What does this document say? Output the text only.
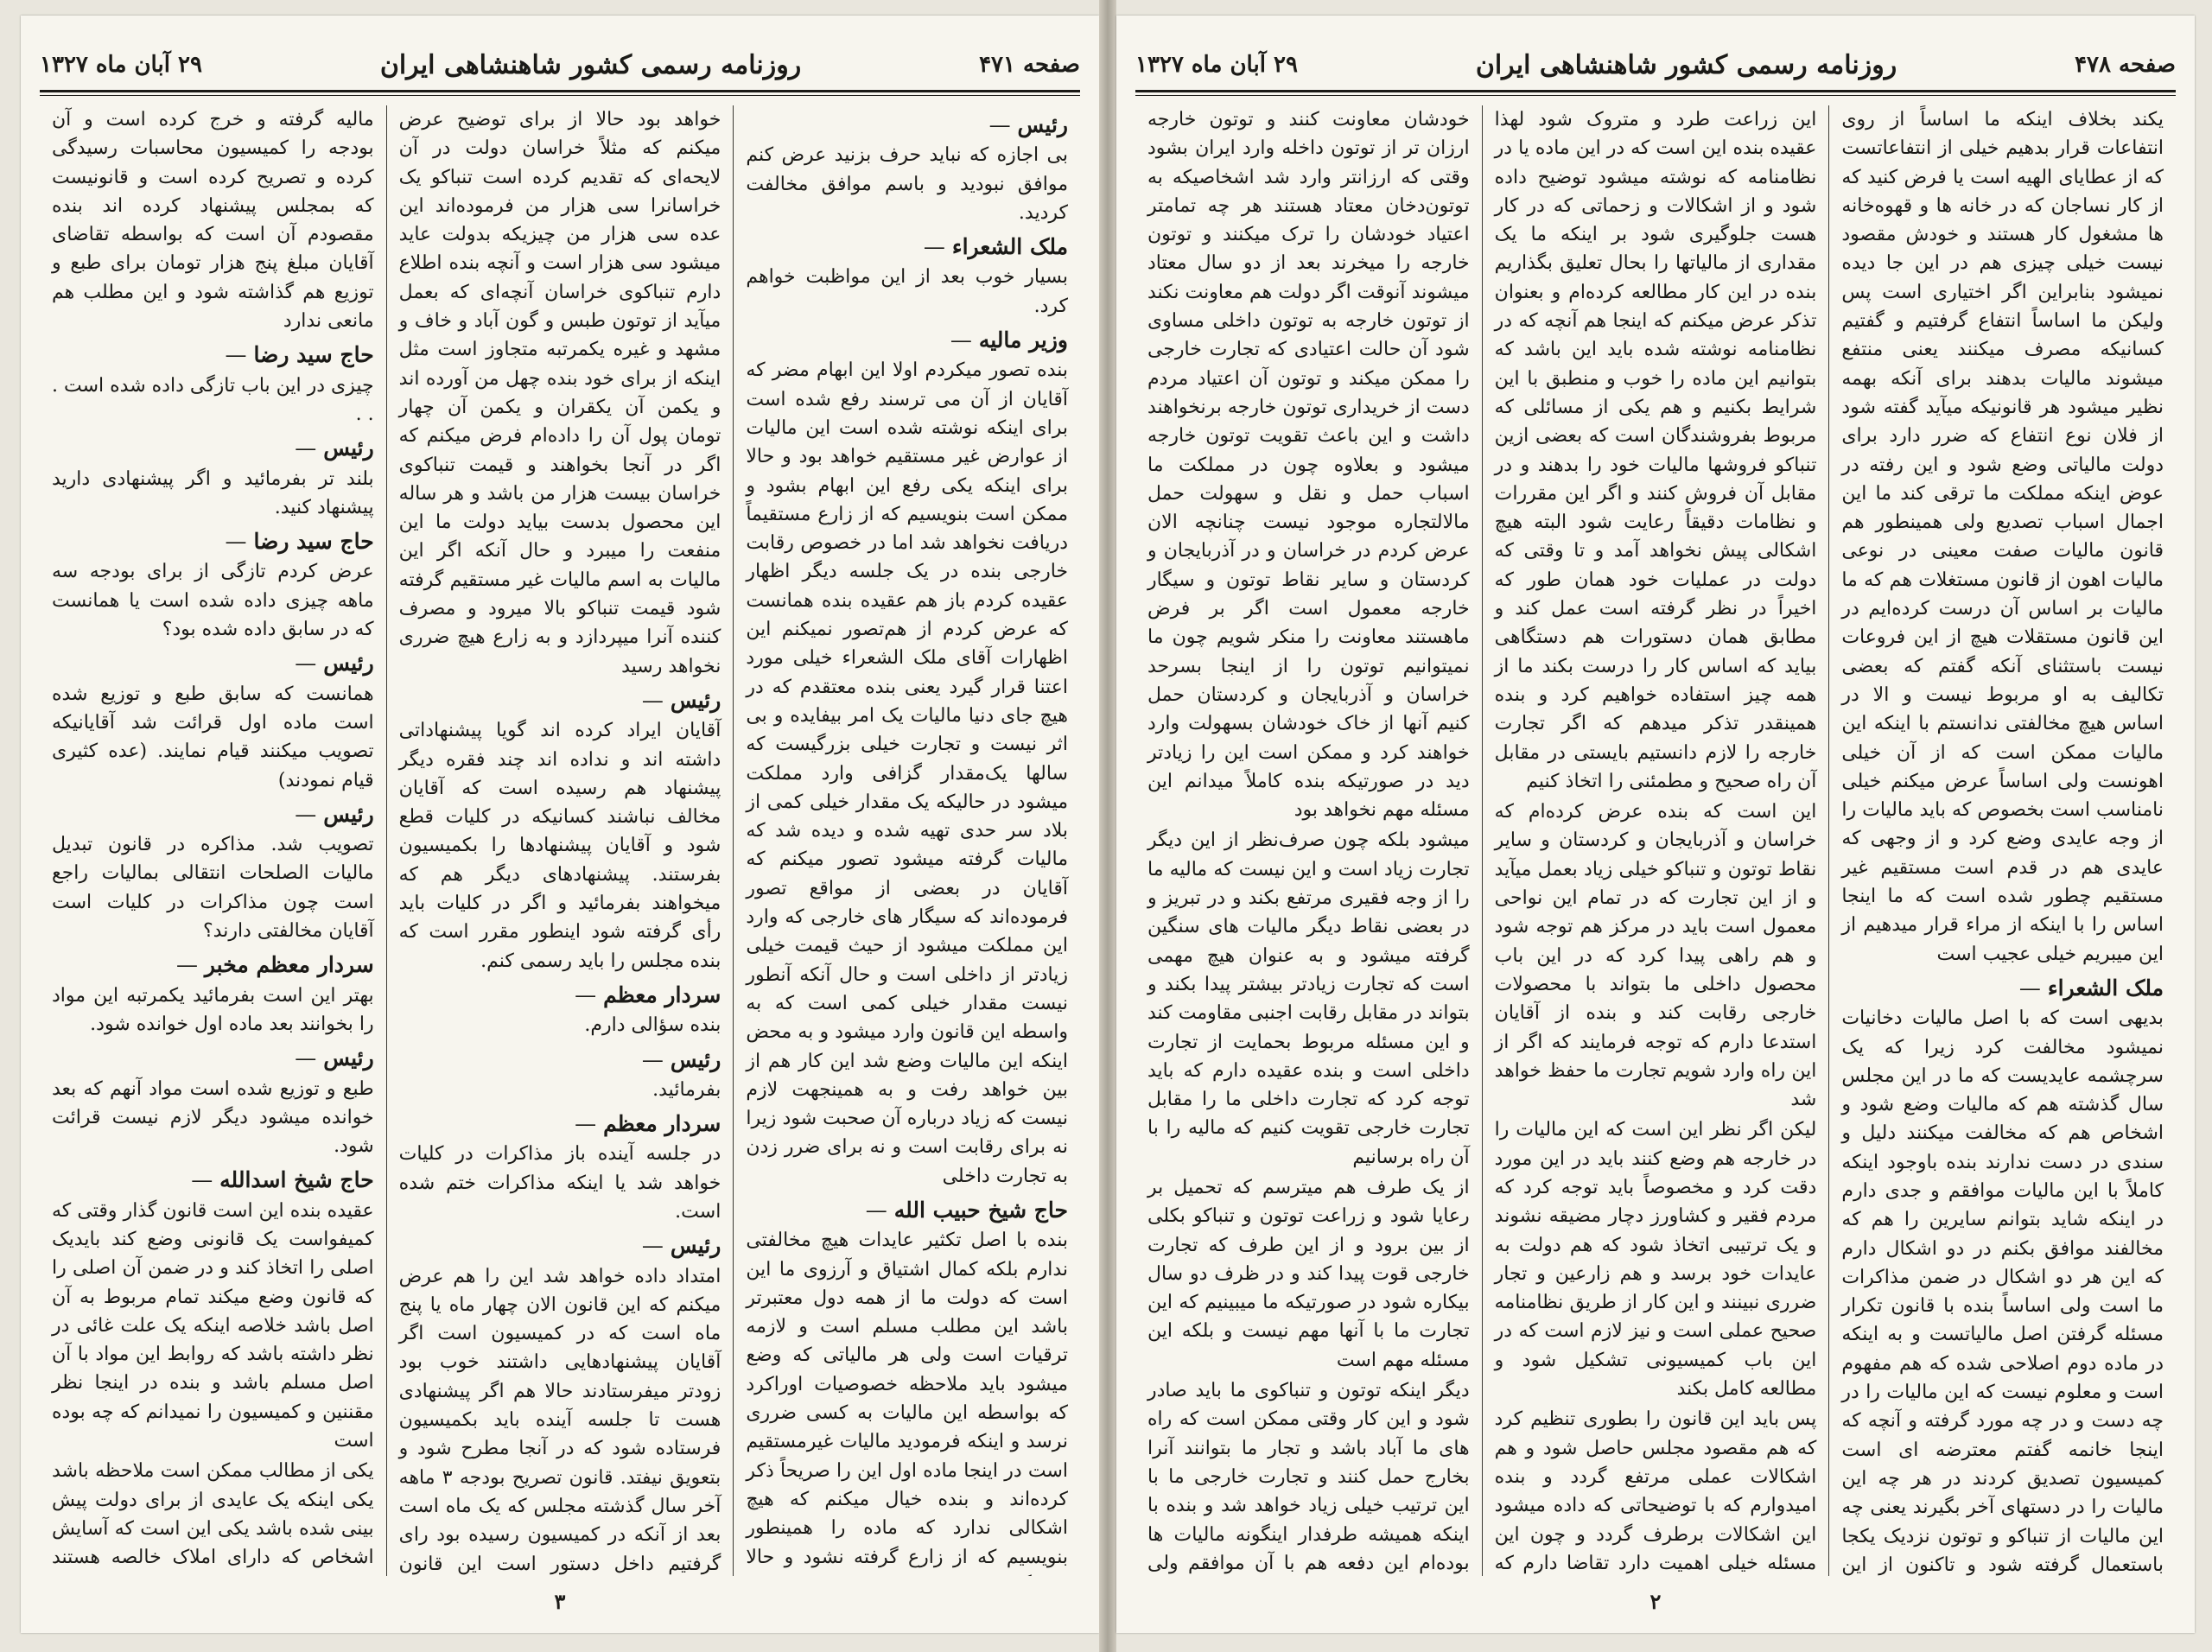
صفحه ۴۷۱
روزنامه رسمی کشور شاهنشاهی ایران
۲۹ آبان ماه ۱۳۲۷
رئیس —

بی اجازه که نباید حرف بزنید عرض کنم موافق نبودید و باسم موافق مخالفت کردید.

ملک الشعراء —

بسیار خوب بعد از این مواظبت خواهم کرد.

وزیر مالیه —

بنده تصور میکردم اولا این ابهام مضر که آقایان از آن می ترسند رفع شده است برای اینکه نوشته شده است این مالیات از عوارض غیر مستقیم خواهد بود و حالا برای اینکه یکی رفع این ابهام بشود و ممکن است بنویسیم که از زارع مستقیماً دریافت نخواهد شد اما در خصوص رقابت خارجی بنده در یک جلسه دیگر اظهار عقیده کردم باز هم عقیده بنده همانست که عرض کردم از هم‌تصور نمیکنم این اظهارات آقای ملک الشعراء خیلی مورد اعتنا قرار گیرد یعنی بنده معتقدم که در هیچ جای دنیا مالیات یک امر بیفایده و بی اثر نیست و تجارت خیلی بزرگیست که سالها یک‌مقدار گزافی وارد مملکت میشود در حالیکه یک مقدار خیلی کمی از بلاد سر حدی تهیه شده و دیده شد که مالیات گرفته میشود تصور میکنم که آقایان در بعضی از مواقع تصور فرموده‌اند که سیگار های خارجی که وارد این مملکت میشود از حیث قیمت خیلی زیادتر از داخلی است و حال آنکه آنطور نیست مقدار خیلی کمی است که به واسطه این قانون وارد میشود و به محض اینکه این مالیات وضع شد این کار هم از بین خواهد رفت و به همینجهت لازم نیست که زیاد درباره آن صحبت شود زیرا نه برای رقابت است و نه برای ضرر زدن به تجارت داخلی

حاج شیخ حبیب الله —

بنده با اصل تکثیر عایدات هیچ مخالفتی ندارم بلکه کمال اشتیاق و آرزوی ما این است که دولت ما از همه دول معتبرتر باشد این مطلب مسلم است و لازمه ترقیات است ولی هر مالیاتی که وضع میشود باید ملاحظه خصوصیات اوراکرد که بواسطه این مالیات به کسی ضرری نرسد و اینکه فرمودید مالیات غیرمستقیم است در اینجا ماده اول این را صریحاً ذکر کرده‌اند و بنده خیال میکنم که هیچ اشکالی ندارد که ماده را همینطور بنویسیم که از زارع گرفته نشود و حالا

خواهد بود حالا از برای توضیح عرض میکنم که مثلاً خراسان دولت در آن لایحه‌ای که تقدیم کرده است تنباکو یک خراسانرا سی هزار من فرموده‌اند این عده سی هزار من چیزیکه بدولت عاید میشود سی هزار است و آنچه بنده اطلاع دارم تنباکوی خراسان آنچه‌ای که بعمل میآید از توتون طبس و گون آباد و خاف و مشهد و غیره یکمرتبه متجاوز است مثل اینکه از برای خود بنده چهل من آورده اند و یکمن آن یکقران و یکمن آن چهار تومان پول آن را داده‌ام فرض میکنم که اگر در آنجا بخواهند و قیمت تنباکوی خراسان بیست هزار من باشد و هر ساله این محصول بدست بیاید دولت ما این منفعت را میبرد و حال آنکه اگر این مالیات به اسم مالیات غیر مستقیم گرفته شود قیمت تنباکو بالا میرود و مصرف کننده آنرا میپردازد و به زارع هیچ ضرری نخواهد رسید

رئیس —

آقایان ایراد کرده اند گویا پیشنهاداتی داشته اند و نداده اند چند فقره دیگر پیشنهاد هم رسیده است که آقایان مخالف نباشند کسانیکه در کلیات قطع شود و آقایان پیشنهادها را بکمیسیون بفرستند. پیشنهادهای دیگر هم که میخواهند بفرمائید و اگر در کلیات باید رأی گرفته شود اینطور مقرر است که بنده مجلس را باید رسمی کنم.

سردار معظم —

بنده سؤالی دارم.

رئیس —

بفرمائید.

سردار معظم —

در جلسه آینده باز مذاکرات در کلیات خواهد شد یا اینکه مذاکرات ختم شده است.

رئیس —

امتداد داده خواهد شد این را هم عرض میکنم که این قانون الان چهار ماه یا پنج ماه است که در کمیسیون است اگر آقایان پیشنهادهایی داشتند خوب بود زودتر میفرستادند حالا هم اگر پیشنهادی هست تا جلسه آینده باید بکمیسیون فرستاده شود که در آنجا مطرح شود و بتعویق نیفتد. قانون تصریح بودجه ۳ ماهه آخر سال گذشته مجلس که یک ماه است بعد از آنکه در کمیسیون رسیده بود رای گرفتیم داخل دستور است این قانون

مالیه گرفته و خرج کرده است و آن بودجه را کمیسیون محاسبات رسیدگی کرده و تصریح کرده است و قانونیست که بمجلس پیشنهاد کرده اند بنده مقصودم آن است که بواسطه تقاضای آقایان مبلغ پنج هزار تومان برای طبع و توزیع هم گذاشته شود و این مطلب هم مانعی ندارد

حاج سید رضا —

چیزی در این باب تازگی داده شده است . . .

رئیس —

بلند تر بفرمائید و اگر پیشنهادی دارید پیشنهاد کنید.

حاج سید رضا —

عرض کردم تازگی از برای بودجه سه ماهه چیزی داده شده است یا همانست که در سابق داده شده بود؟

رئیس —

همانست که سابق طبع و توزیع شده است ماده اول قرائت شد آقایانیکه تصویب میکنند قیام نمایند. (عده کثیری قیام نمودند)

رئیس —

تصویب شد. مذاکره در قانون تبدیل مالیات الصلحات انتقالی بمالیات راجع است چون مذاکرات در کلیات است آقایان مخالفتی دارند؟

سردار معظم مخبر —

بهتر این است بفرمائید یکمرتبه این مواد را بخوانند بعد ماده اول خوانده شود.

رئیس —

طبع و توزیع شده است مواد آنهم که بعد خوانده میشود دیگر لازم نیست قرائت شود.

حاج شیخ اسدالله —

عقیده بنده این است قانون گذار وقتی که کمیفواست یک قانونی وضع کند بایدیک اصلی را اتخاذ کند و در ضمن آن اصلی را که قانون وضع میکند تمام مربوط به آن اصل باشد خلاصه اینکه یک علت غائی در نظر داشته باشد که روابط این مواد با آن اصل مسلم باشد و بنده در اینجا نظر مقننین و کمیسیون را نمیدانم که چه بوده است

یکی از مطالب ممکن است ملاحظه باشد یکی اینکه یک عایدی از برای دولت پیش بینی شده باشد یکی این است که آسایش اشخاص که دارای املاک خالصه هستند

۳
صفحه ۴۷۸
روزنامه رسمی کشور شاهنشاهی ایران
۲۹ آبان ماه ۱۳۲۷

یکند بخلاف اینکه ما اساساً از روی انتفاعات قرار بدهیم خیلی از انتفاعاتست که از عطایای الهیه است یا فرض کنید که از کار نساجان که در خانه ها و قهوه‌خانه ها مشغول کار هستند و خودش مقصود نیست خیلی چیزی هم در این جا دیده نمیشود بنابراین اگر اختیاری است پس ولیکن ما اساساً انتفاع گرفتیم و گفتیم کسانیکه مصرف میکنند یعنی منتفع میشوند مالیات بدهند برای آنکه بهمه نظیر میشود هر قانونیکه میآید گفته شود از فلان نوع انتفاع که ضرر دارد برای دولت مالیاتی وضع شود و این رفته در عوض اینکه مملکت ما ترقی کند ما این اجمال اسباب تصدیع ولی همینطور هم قانون مالیات صفت معینی در نوعی مالیات اهون از قانون مستغلات هم که ما مالیات بر اساس آن درست کرده‌ایم در این قانون مستقلات هیچ از این فروعات نیست باستثنای آنکه گفتم که بعضی تکالیف به او مربوط نیست و الا در اساس هیچ مخالفتی ندانستم با اینکه این مالیات ممکن است که از آن خیلی اهونست ولی اساساً عرض میکنم خیلی نامناسب است بخصوص که باید مالیات را از وجه عایدی وضع کرد و از وجهی که عایدی هم در قدم است مستقیم غیر مستقیم چطور شده است که ما اینجا اساس را با اینکه از مراء قرار میدهیم از این میبریم خیلی عجیب است

ملک الشعراء —

بدیهی است که با اصل مالیات دخانیات نمیشود مخالفت کرد زیرا که یک سرچشمه عایدیست که ما در این مجلس سال گذشته هم که مالیات وضع شود و اشخاص هم که مخالفت میکنند دلیل و سندی در دست ندارند بنده باوجود اینکه کاملاً با این مالیات موافقم و جدی دارم در اینکه شاید بتوانم سایرین را هم که مخالفند موافق بکنم در دو اشکال دارم که این هر دو اشکال در ضمن مذاکرات ما است ولی اساساً بنده با قانون تکرار مسئله گرفتن اصل مالیاتست و به اینکه در ماده دوم اصلاحی شده که هم مفهوم است و معلوم نیست که این مالیات را در چه دست و در چه مورد گرفته و آنچه که اینجا خانمه گفتم معترضه ای است کمیسیون تصدیق کردند در هر چه این مالیات را در دستهای آخر بگیرند یعنی چه این مالیات از تنباکو و توتون نزدیک یکجا باستعمال گرفته شود و تاکنون از این

این زراعت طرد و متروک شود لهذا عقیده بنده این است که در این ماده یا در نظامنامه که نوشته میشود توضیح داده شود و از اشکالات و زحماتی که در کار هست جلوگیری شود بر اینکه ما یک مقداری از مالیاتها را بحال تعلیق بگذاریم بنده در این کار مطالعه کرده‌ام و بعنوان تذکر عرض میکنم که اینجا هم آنچه که در نظامنامه نوشته شده باید این باشد که بتوانیم این ماده را خوب و منطبق با این شرایط بکنیم و هم یکی از مسائلی که مربوط بفروشندگان است که بعضی ازین تنباکو فروشها مالیات خود را بدهند و در مقابل آن فروش کنند و اگر این مقررات و نظامات دقیقاً رعایت شود البته هیچ اشکالی پیش نخواهد آمد و تا وقتی که دولت در عملیات خود همان طور که اخیراً در نظر گرفته است عمل کند و مطابق همان دستورات هم دستگاهی بیاید که اساس کار را درست بکند ما از همه چیز استفاده خواهیم کرد و بنده همینقدر تذکر میدهم که اگر تجارت خارجه را لازم دانستیم بایستی در مقابل آن راه صحیح و مطمئنی را اتخاذ کنیم

این است که بنده عرض کرده‌ام که خراسان و آذربایجان و کردستان و سایر نقاط توتون و تنباکو خیلی زیاد بعمل میآید و از این تجارت که در تمام این نواحی معمول است باید در مرکز هم توجه شود و هم راهی پیدا کرد که در این باب محصول داخلی ما بتواند با محصولات خارجی رقابت کند و بنده از آقایان استدعا دارم که توجه فرمایند که اگر از این راه وارد شویم تجارت ما حفظ خواهد شد

لیکن اگر نظر این است که این مالیات را در خارجه هم وضع کنند باید در این مورد دقت کرد و مخصوصاً باید توجه کرد که مردم فقیر و کشاورز دچار مضیقه نشوند و یک ترتیبی اتخاذ شود که هم دولت به عایدات خود برسد و هم زارعین و تجار ضرری نبینند و این کار از طریق نظامنامه صحیح عملی است و نیز لازم است که در این باب کمیسیونی تشکیل شود و مطالعه کامل بکند

پس باید این قانون را بطوری تنظیم کرد که هم مقصود مجلس حاصل شود و هم اشکالات عملی مرتفع گردد و بنده امیدوارم که با توضیحاتی که داده میشود این اشکالات برطرف گردد و چون این مسئله خیلی اهمیت دارد تقاضا دارم که

خودشان معاونت کنند و توتون خارجه ارزان تر از توتون داخله وارد ایران بشود وقتی که ارزانتر وارد شد اشخاصیکه به توتون‌دخان معتاد هستند هر چه تمامتر اعتیاد خودشان را ترک میکنند و توتون خارجه را میخرند بعد از دو سال معتاد میشوند آنوقت اگر دولت هم معاونت نکند از توتون خارجه به توتون داخلی مساوی شود آن حالت اعتیادی که تجارت خارجی را ممکن میکند و توتون آن اعتیاد مردم دست از خریداری توتون خارجه برنخواهند داشت و این باعث تقویت توتون خارجه میشود و بعلاوه چون در مملکت ما اسباب حمل و نقل و سهولت حمل مالالتجاره موجود نیست چنانچه الان عرض کردم در خراسان و در آذربایجان و کردستان و سایر نقاط توتون و سیگار خارجه معمول است اگر بر فرض ماهستند معاونت را منکر شویم چون ما نمیتوانیم توتون را از اینجا بسرحد خراسان و آذربایجان و کردستان حمل کنیم آنها از خاک خودشان بسهولت وارد خواهند کرد و ممکن است این را زیادتر دید در صورتیکه بنده کاملاً میدانم این مسئله مهم نخواهد بود

میشود بلکه چون صرف‌نظر از این دیگر تجارت زیاد است و این نیست که مالیه ما را از وجه فقیری مرتفع بکند و در تبریز و در بعضی نقاط دیگر مالیات های سنگین گرفته میشود و به عنوان هیچ مهمی است که تجارت زیادتر بیشتر پیدا بکند و بتواند در مقابل رقابت اجنبی مقاومت کند و این مسئله مربوط بحمایت از تجارت داخلی است و بنده عقیده دارم که باید توجه کرد که تجارت داخلی ما را مقابل تجارت خارجی تقویت کنیم که مالیه را با آن راه برسانیم

از یک طرف هم میترسم که تحمیل بر رعایا شود و زراعت توتون و تنباکو بکلی از بین برود و از این طرف که تجارت خارجی قوت پیدا کند و در ظرف دو سال بیکاره شود در صورتیکه ما میبینیم که این تجارت ما با آنها مهم نیست و بلکه این مسئله مهم است

دیگر اینکه توتون و تنباکوی ما باید صادر شود و این کار وقتی ممکن است که راه های ما آباد باشد و تجار ما بتوانند آنرا بخارج حمل کنند و تجارت خارجی ما با این ترتیب خیلی زیاد خواهد شد و بنده با اینکه همیشه طرفدار اینگونه مالیات ها بوده‌ام این دفعه هم با آن موافقم ولی

۲
